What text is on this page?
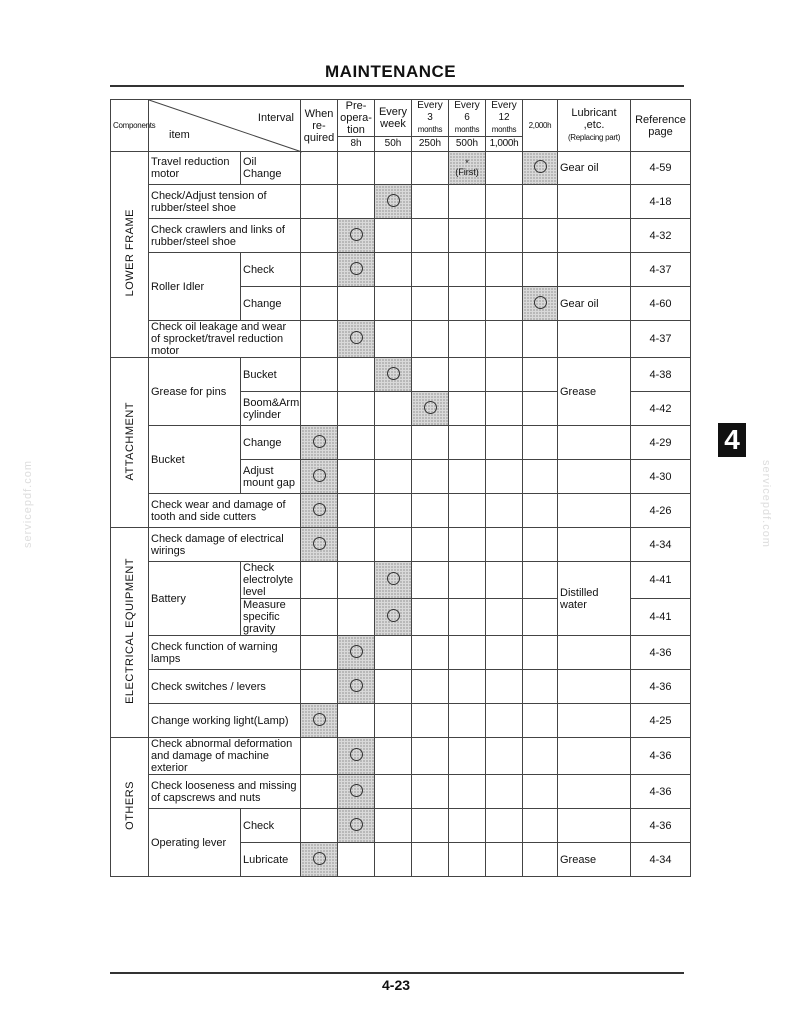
MAINTENANCE
4
servicepdf.com	servicepdf.com
Components	Interval
item		When
re-
quired	Pre-
opera-
tion	Every
week	Every
3
months	Every
6
months	Every
12
months	2,000h	Lubricant
,etc.
(Replacing part)	Reference
page
				8h	50h	250h	500h	1,000h			
LOWER FRAME	Travel reduction motor	Oil Change					*
(First)			Gear oil	4-59
	Check/Adjust tension of rubber/steel shoe										4-18
	Check crawlers and links of rubber/steel shoe										4-32
	Roller Idler	Check									4-37
		Change								Gear oil	4-60
	Check oil leakage and wear of sprocket/travel reduction motor										4-37
ATTACHMENT	Grease for pins	Bucket								Grease	4-38
		Boom&Arm cylinder									4-42
	Bucket	Change									4-29
		Adjust mount gap									4-30
	Check wear and damage of tooth and side cutters										4-26
ELECTRICAL EQUIPMENT	Check damage of electrical wirings										4-34
	Battery	Check electrolyte level								Distilled water	4-41
		Measure specific gravity									4-41
	Check function of warning lamps										4-36
	Check switches / levers										4-36
	Change working light(Lamp)										4-25
OTHERS	Check abnormal deformation and damage of machine exterior										4-36
	Check looseness and missing of capscrews and nuts										4-36
	Operating lever	Check									4-36
		Lubricate								Grease	4-34
4-23
